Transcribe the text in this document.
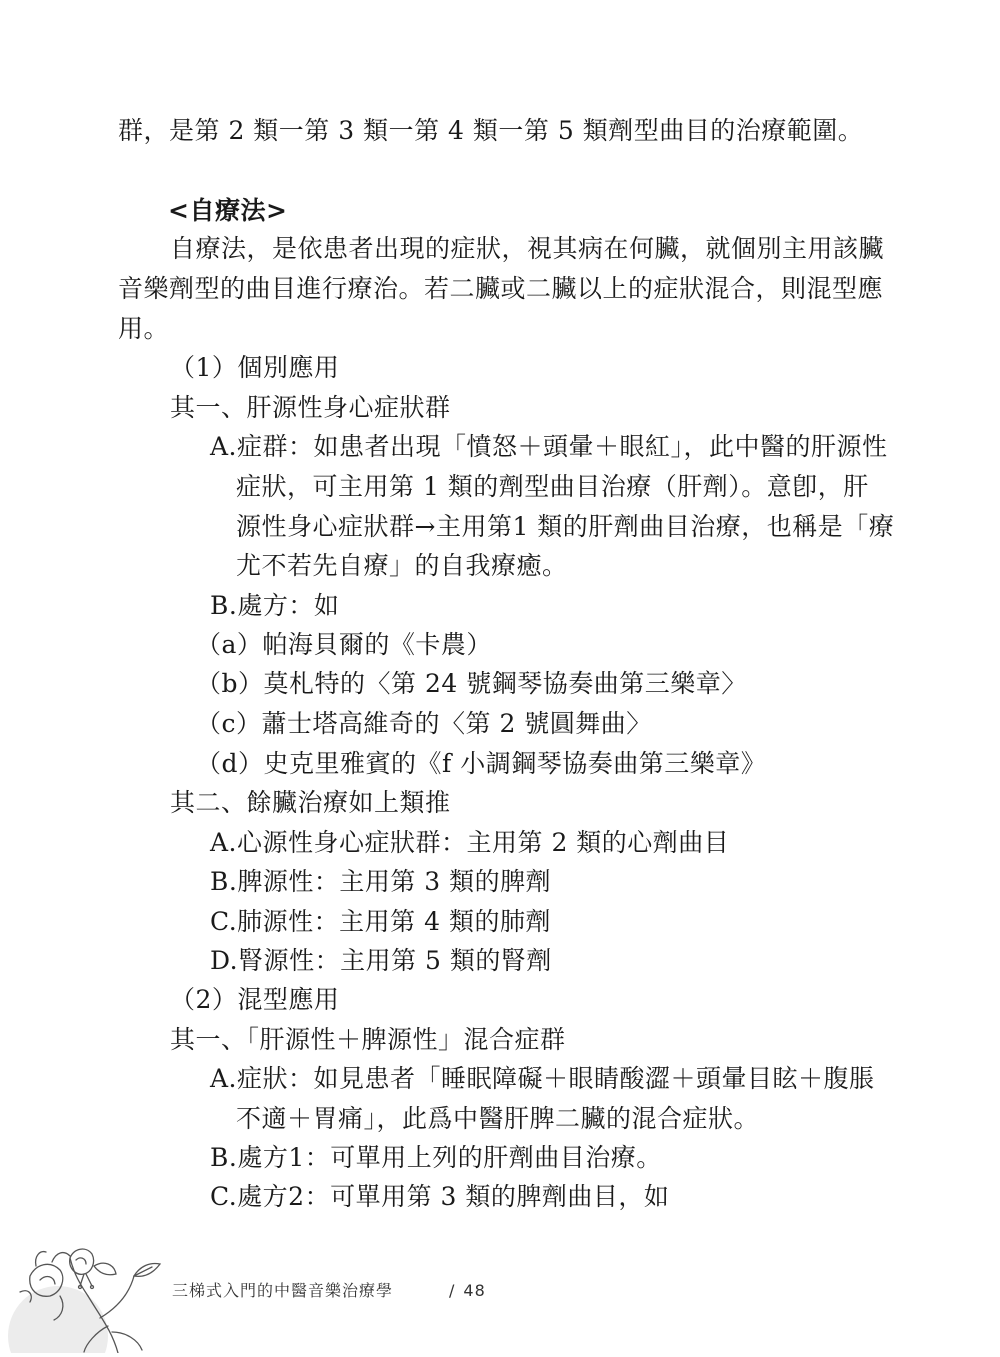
群，是第 2 類一第 3 類一第 4 類一第 5 類劑型曲目的治療範圍。
<自療法>
自療法，是依患者出現的症狀，視其病在何臟，就個別主用該臟
音樂劑型的曲目進行療治。若二臟或二臟以上的症狀混合，則混型應
用。
（1）個別應用
其一、肝源性身心症狀群
A.症群：如患者出現「憤怒＋頭暈＋眼紅」，此中醫的肝源性
症狀，可主用第 1 類的劑型曲目治療（肝劑）。意卽，肝
源性身心症狀群→主用第1 類的肝劑曲目治療，也稱是「療
尤不若先自療」的自我療癒。
B.處方：如
（a）帕海貝爾的《卡農）
（b）莫札特的〈第 24 號鋼琴協奏曲第三樂章〉
（c）蕭士塔高維奇的〈第 2 號圓舞曲〉
（d）史克里雅賓的《f 小調鋼琴協奏曲第三樂章》
其二、餘臟治療如上類推
A.心源性身心症狀群：主用第 2 類的心劑曲目
B.脾源性：主用第 3 類的脾劑
C.肺源性：主用第 4 類的肺劑
D.腎源性：主用第 5 類的腎劑
（2）混型應用
其一、「肝源性＋脾源性」混合症群
A.症狀：如見患者「睡眠障礙＋眼睛酸澀＋頭暈目眩＋腹脹
不適＋胃痛」，此爲中醫肝脾二臟的混合症狀。
B.處方1：可單用上列的肝劑曲目治療。
C.處方2：可單用第 3 類的脾劑曲目，如
三梯式入門的中醫音樂治療學	/ 48
